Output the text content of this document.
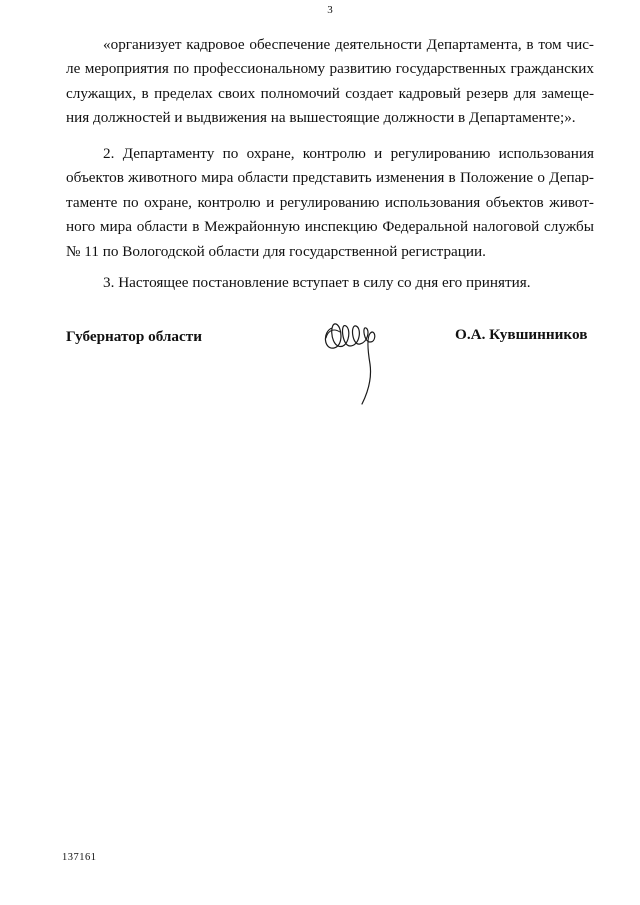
3
«организует кадровое обеспечение деятельности Департамента, в том чис-
ле мероприятия по профессиональному развитию государственных гражданских
служащих, в пределах своих полномочий создает кадровый резерв для замеще-
ния должностей и выдвижения на вышестоящие должности в Департаменте;».
2. Департаменту по охране, контролю и регулированию использования
объектов животного мира области представить изменения в Положение о Депар-
таменте по охране, контролю и регулированию использования объектов живот-
ного мира области в Межрайонную инспекцию Федеральной налоговой службы
№ 11 по Вологодской области для государственной регистрации.
3. Настоящее постановление вступает в силу со дня его принятия.
Губернатор области	О.А. Кувшинников
137161
